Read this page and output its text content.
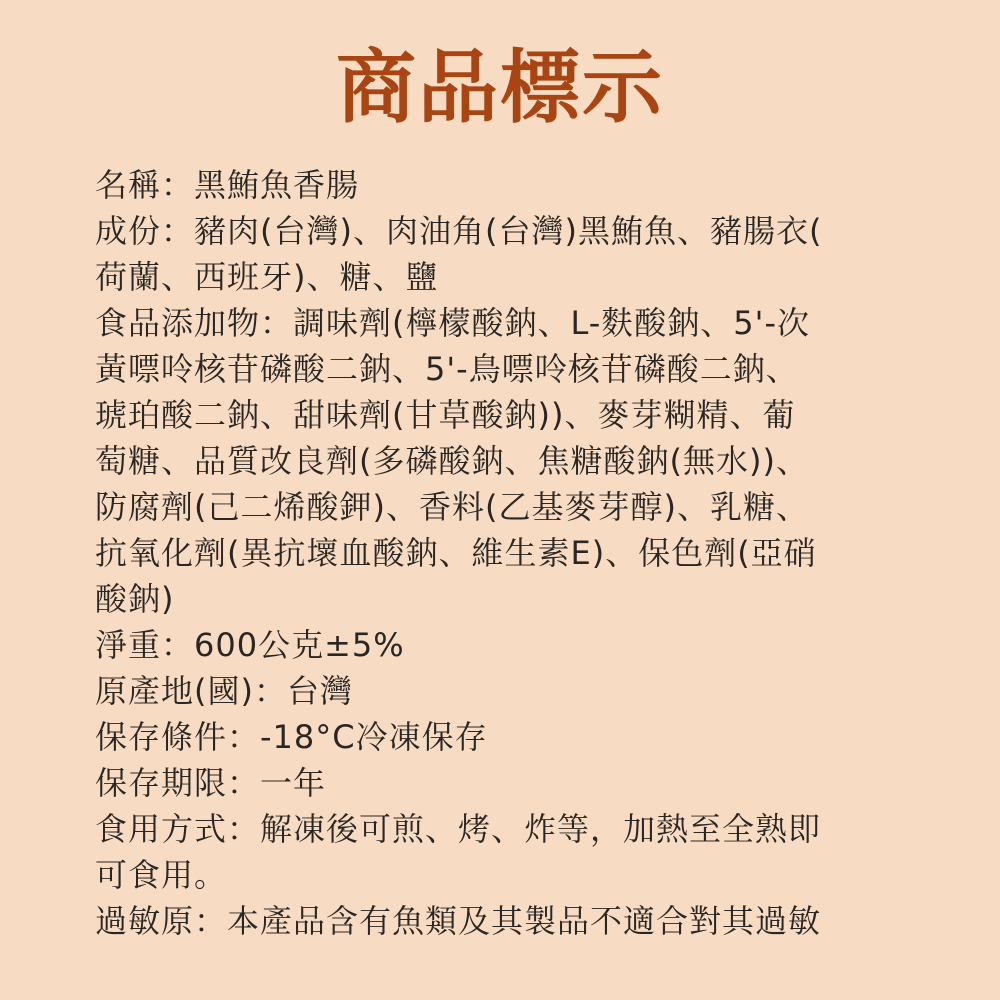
商品標示
名稱：黑鮪魚香腸
成份：豬肉(台灣)、肉油角(台灣)黑鮪魚、豬腸衣(
荷蘭、西班牙)、糖、鹽
食品添加物：調味劑(檸檬酸鈉、L-麩酸鈉、5'-次
黃嘌呤核苷磷酸二鈉、5'-鳥嘌呤核苷磷酸二鈉、
琥珀酸二鈉、甜味劑(甘草酸鈉))、麥芽糊精、葡
萄糖、品質改良劑(多磷酸鈉、焦糖酸鈉(無水))、
防腐劑(己二烯酸鉀)、香料(乙基麥芽醇)、乳糖、
抗氧化劑(異抗壞血酸鈉、維生素E)、保色劑(亞硝
酸鈉)
淨重：600公克±5%
原產地(國)：台灣
保存條件：-18°C冷凍保存
保存期限：一年
食用方式：解凍後可煎、烤、炸等，加熱至全熟即
可食用。
過敏原：本產品含有魚類及其製品不適合對其過敏
